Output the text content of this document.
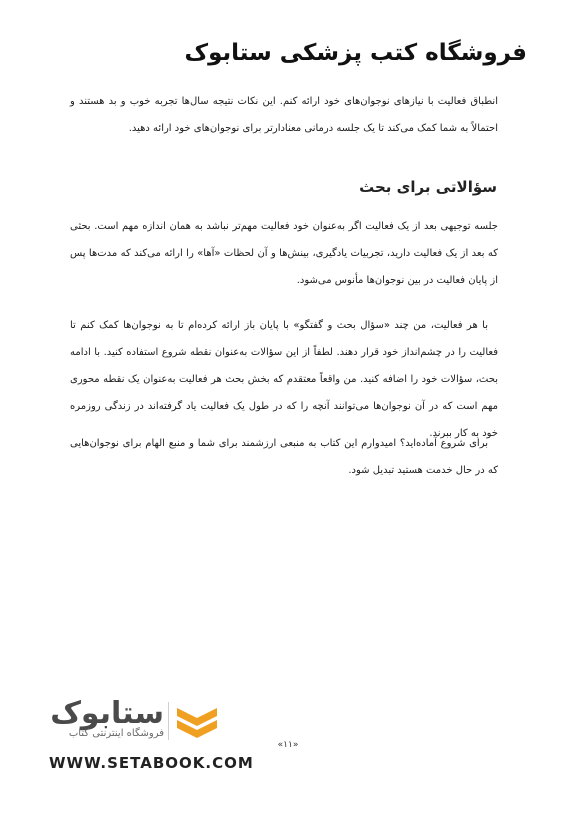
فروشگاه کتب پزشکی ستابوک

انطباق فعالیت با نیازهای نوجوان‌های خود ارائه کنم. این نکات نتیجه سال‌ها تجربه خوب و بد هستند و احتمالاً به شما کمک می‌کند تا یک جلسه درمانی معنادارتر برای نوجوان‌های خود ارائه دهید.

سؤالاتی برای بحث

جلسه توجیهی بعد از یک فعالیت اگر به‌عنوان خود فعالیت مهم‌تر نباشد به همان اندازه مهم است. بحثی که بعد از یک فعالیت دارید، تجربیات یادگیری، بینش‌ها و آن لحظات «آها» را ارائه می‌کند که مدت‌ها پس از پایان فعالیت در بین نوجوان‌ها مأنوس می‌شود.

با هر فعالیت، من چند «سؤال بحث و گفتگو» با پایان باز ارائه کرده‌ام تا به نوجوان‌ها کمک کنم تا فعالیت را در چشم‌انداز خود قرار دهند. لطفاً از این سؤالات به‌عنوان نقطه شروع استفاده کنید. با ادامه بحث، سؤالات خود را اضافه کنید. من واقعاً معتقدم که بخش بحث هر فعالیت به‌عنوان یک نقطه محوری مهم است که در آن نوجوان‌ها می‌توانند آنچه را که در طول یک فعالیت یاد گرفته‌اند در زندگی روزمره خود به کار ببرند.

برای شروع آماده‌اید؟ امیدوارم این کتاب به منبعی ارزشمند برای شما و منبع الهام برای نوجوان‌هایی که در حال خدمت هستید تبدیل شود.

ستابوک
فروشگاه اینترنتی کتاب
WWW.SETABOOK.COM
«۱۱»
